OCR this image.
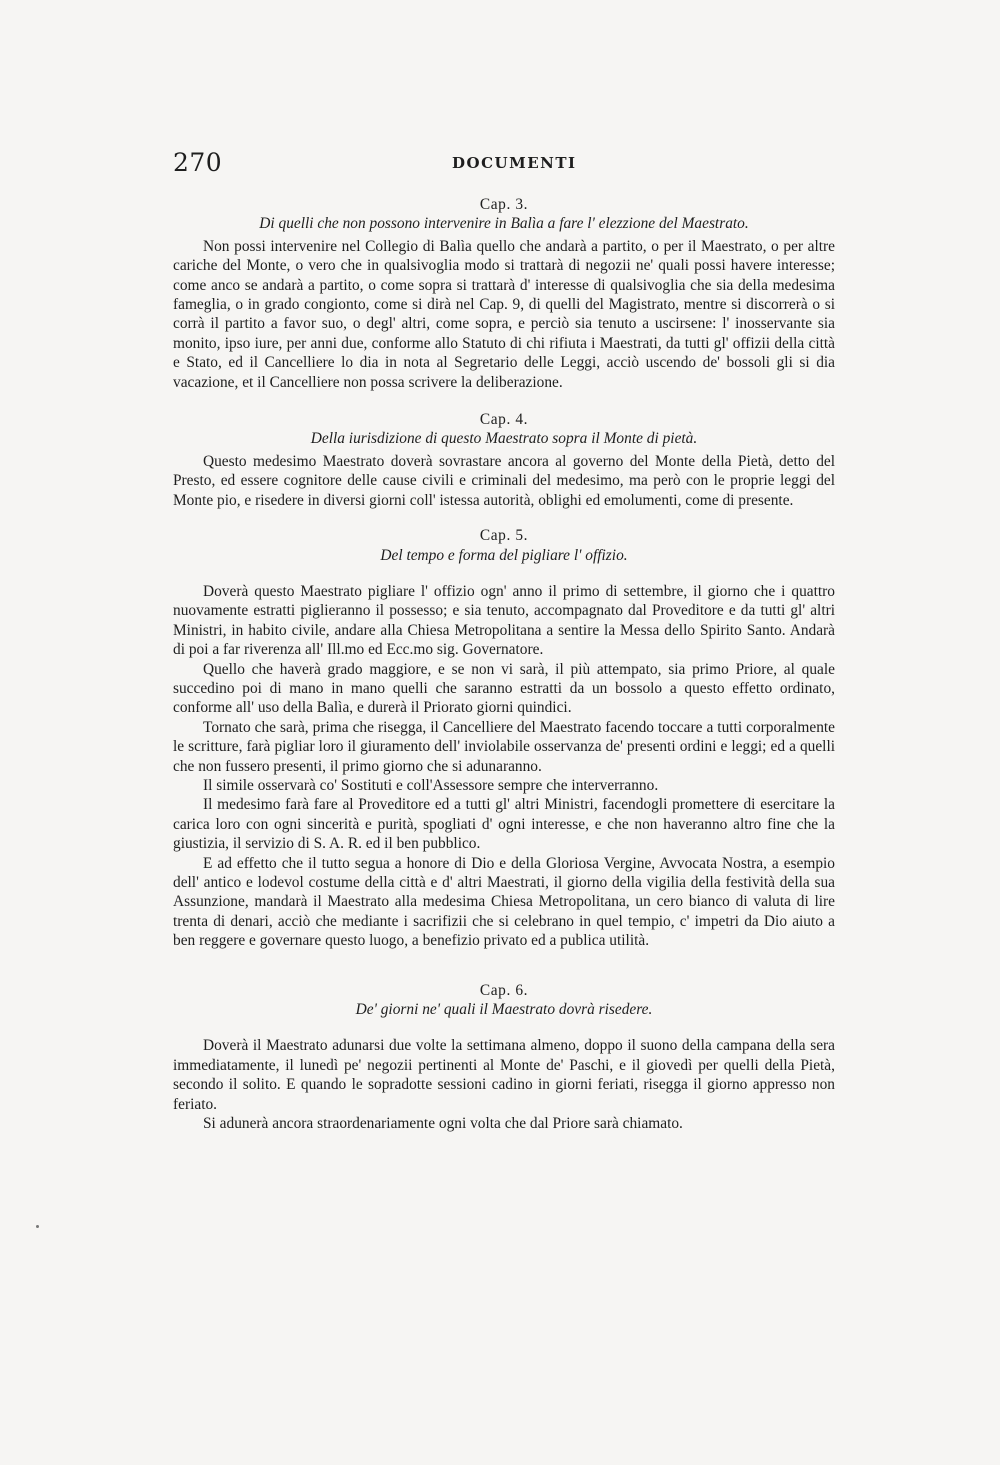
270	DOCUMENTI

Cap. 3.

Di quelli che non possono intervenire in Balìa a fare l' elezzione del Maestrato.

Non possi intervenire nel Collegio di Balìa quello che andarà a partito, o per il Maestrato, o per altre cariche del Monte, o vero che in qualsivoglia modo si trattarà di negozii ne' quali possi havere interesse; come anco se andarà a partito, o come sopra si trattarà d' interesse di qualsivoglia che sia della medesima fameglia, o in grado congionto, come si dirà nel Cap. 9, di quelli del Magistrato, mentre si discorrerà o si corrà il partito a favor suo, o degl' altri, come sopra, e perciò sia tenuto a uscirsene: l' inosservante sia monito, ipso iure, per anni due, conforme allo Statuto di chi rifiuta i Maestrati, da tutti gl' offizii della città e Stato, ed il Cancelliere lo dia in nota al Segretario delle Leggi, acciò uscendo de' bossoli gli si dia vacazione, et il Cancelliere non possa scrivere la deliberazione.

Cap. 4.

Della iurisdizione di questo Maestrato sopra il Monte di pietà.

Questo medesimo Maestrato doverà sovrastare ancora al governo del Monte della Pietà, detto del Presto, ed essere cognitore delle cause civili e criminali del medesimo, ma però con le proprie leggi del Monte pio, e risedere in diversi giorni coll' istessa autorità, oblighi ed emolumenti, come di presente.

Cap. 5.

Del tempo e forma del pigliare l' offizio.

Doverà questo Maestrato pigliare l' offizio ogn' anno il primo di settembre, il giorno che i quattro nuovamente estratti piglieranno il possesso; e sia tenuto, accompagnato dal Proveditore e da tutti gl' altri Ministri, in habito civile, andare alla Chiesa Metropolitana a sentire la Messa dello Spirito Santo. Andarà di poi a far riverenza all' Ill.mo ed Ecc.mo sig. Governatore.

Quello che haverà grado maggiore, e se non vi sarà, il più attempato, sia primo Priore, al quale succedino poi di mano in mano quelli che saranno estratti da un bossolo a questo effetto ordinato, conforme all' uso della Balìa, e durerà il Priorato giorni quindici.

Tornato che sarà, prima che risegga, il Cancelliere del Maestrato facendo toccare a tutti corporalmente le scritture, farà pigliar loro il giuramento dell' inviolabile osservanza de' presenti ordini e leggi; ed a quelli che non fussero presenti, il primo giorno che si adunaranno.

Il simile osservarà co' Sostituti e coll'Assessore sempre che interverranno.

Il medesimo farà fare al Proveditore ed a tutti gl' altri Ministri, facendogli promettere di esercitare la carica loro con ogni sincerità e purità, spogliati d' ogni interesse, e che non haveranno altro fine che la giustizia, il servizio di S. A. R. ed il ben pubblico.

E ad effetto che il tutto segua a honore di Dio e della Gloriosa Vergine, Avvocata Nostra, a esempio dell' antico e lodevol costume della città e d' altri Maestrati, il giorno della vigilia della festività della sua Assunzione, mandarà il Maestrato alla medesima Chiesa Metropolitana, un cero bianco di valuta di lire trenta di denari, acciò che mediante i sacrifizii che si celebrano in quel tempio, c' impetri da Dio aiuto a ben reggere e governare questo luogo, a benefizio privato ed a publica utilità.

Cap. 6.

De' giorni ne' quali il Maestrato dovrà risedere.

Doverà il Maestrato adunarsi due volte la settimana almeno, doppo il suono della campana della sera immediatamente, il lunedì pe' negozii pertinenti al Monte de' Paschi, e il giovedì per quelli della Pietà, secondo il solito. E quando le sopradotte sessioni cadino in giorni feriati, risegga il giorno appresso non feriato.

Si adunerà ancora straordenariamente ogni volta che dal Priore sarà chiamato.
